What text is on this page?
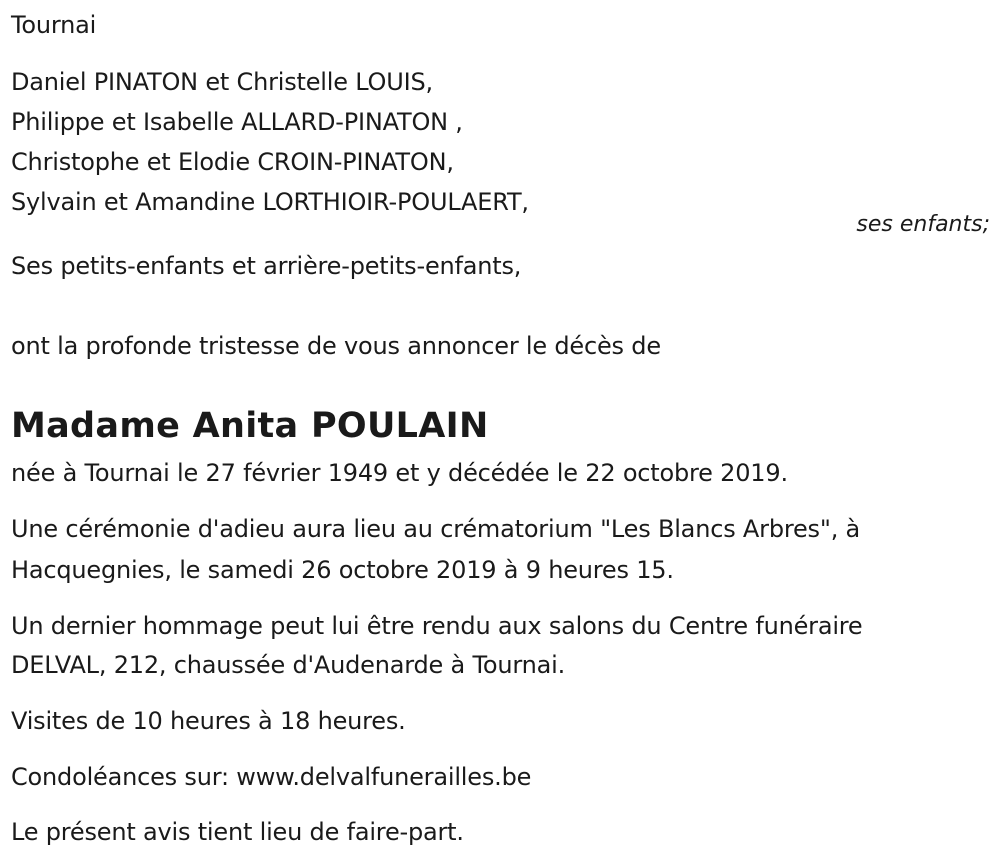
Tournai
Daniel PINATON et Christelle LOUIS,
Philippe et Isabelle ALLARD-PINATON ,
Christophe et Elodie CROIN-PINATON,
Sylvain et Amandine LORTHIOIR-POULAERT,
ses enfants;
Ses petits-enfants et arrière-petits-enfants,
ont la profonde tristesse de vous annoncer le décès de
Madame Anita POULAIN
née à Tournai le 27 février 1949 et y décédée le 22 octobre 2019.
Une cérémonie d'adieu aura lieu au crématorium "Les Blancs Arbres", à
Hacquegnies, le samedi 26 octobre 2019 à 9 heures 15.
Un dernier hommage peut lui être rendu aux salons du Centre funéraire
DELVAL, 212, chaussée d'Audenarde à Tournai.
Visites de 10 heures à 18 heures.
Condoléances sur: www.delvalfunerailles.be
Le présent avis tient lieu de faire-part.
